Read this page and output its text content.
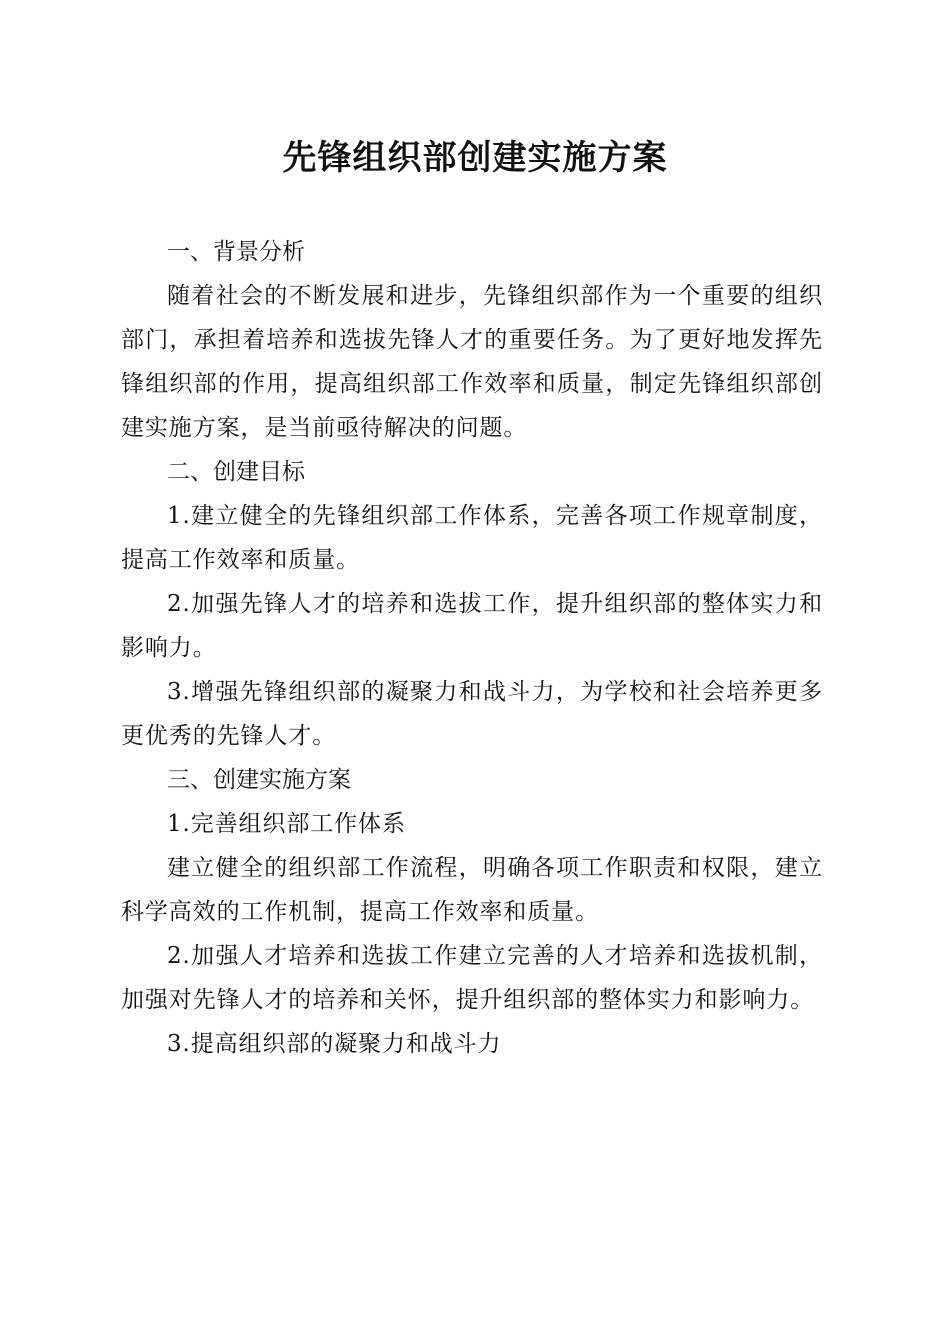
先锋组织部创建实施方案
一、背景分析

随着社会的不断发展和进步，先锋组织部作为一个重要的组织部门，承担着培养和选拔先锋人才的重要任务。为了更好地发挥先锋组织部的作用，提高组织部工作效率和质量，制定先锋组织部创建实施方案，是当前亟待解决的问题。

二、创建目标

1.建立健全的先锋组织部工作体系，完善各项工作规章制度，提高工作效率和质量。

2.加强先锋人才的培养和选拔工作，提升组织部的整体实力和影响力。

3.增强先锋组织部的凝聚力和战斗力，为学校和社会培养更多更优秀的先锋人才。

三、创建实施方案

1.完善组织部工作体系

建立健全的组织部工作流程，明确各项工作职责和权限，建立科学高效的工作机制，提高工作效率和质量。

2.加强人才培养和选拔工作建立完善的人才培养和选拔机制，加强对先锋人才的培养和关怀，提升组织部的整体实力和影响力。

3.提高组织部的凝聚力和战斗力
